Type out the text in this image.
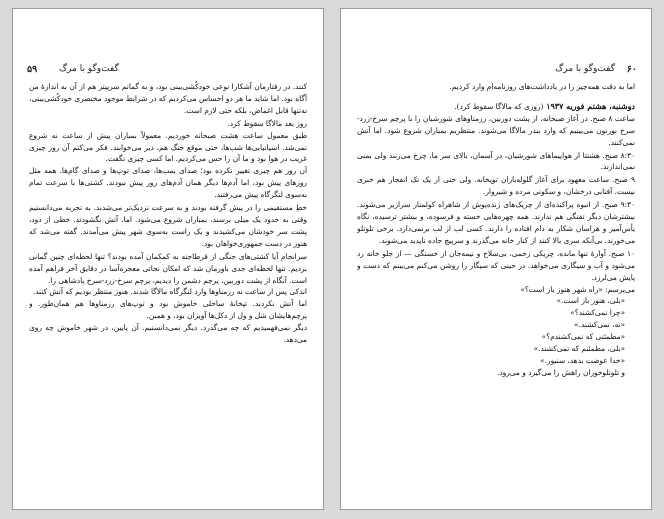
۵۹ گفت‌وگو با مرگ

کنند. در رفتارمان آشکارا نوعی خودکُشی‌بینی بود، و به گمانم سرپیتر هم از آن به اندازهٔ من آگاه بود. اما شاید ما هر دو احساس می‌کردیم که در شرایط موجود مختصری خودکُشی‌بینی، نه‌تنها قابل اغماض، بلکه حتی لازم است.

روز بعد مالاگا سقوط کرد.

طبق معمول ساعت هشت صبحانه خوردیم. معمولاً بمباران پیش از ساعت نه شروع نمی‌شد. اسپانیایی‌ها شب‌ها، حتی موقع جنگ هم، دیر می‌خوابند. فکر می‌کنم آن روز چیزی غریب در هوا بود و ما آن را حس می‌کردیم. اما کسی چیزی نگفت.

آن روز هم چیزی تغییر نکرده بود؛ صدای بمب‌ها، صدای توپ‌ها و صدای گام‌ها. همه مثل روزهای پیش بود، اما آدم‌ها دیگر همان آدم‌های روز پیش نبودند. کشتی‌ها با سرعت تمام به‌سوی لنگرگاه پیش می‌رفتند.

خطِ مستقیمی را در پیش گرفته بودند و به سرعت نزدیک‌تر می‌شدند. به تجربه می‌دانستیم وقتی به حدود یک میلی برسند، بمباران شروع می‌شود. اما، آتش نگشودند. خطی از دود، پشت سر خودشان می‌کشیدند و یک راست به‌سوی شهر پیش می‌آمدند. گفته می‌شد که هنوز در دست جمهوری‌خواهان بود.

سرانجام آیا کشتی‌های جنگی از قرطاجنه به کمکمان آمده بودند؟ تنها لحظه‌ای چنین گمانی بردیم. تنها لحظه‌ای جدی باورمان شد که امکان نجاتی معجزه‌آسا در دقایق آخر فراهم آمده است. آنگاه از پشت دوربین، پرچم دشمن را دیدیم، پرچم سرخ-زرد-سرخ پادشاهی را.

اندکی پس از ساعت نه رزمناوها وارد لنگرگاه مالاگا شدند. هنوز منتظر بودیم که آتش کنند.

اما آتش نکردند. تپخانهٔ ساحلی خاموش بود و توپ‌های رزمناوها هم همان‌طور. و پرچم‌هایشان شل و ول از دکل‌ها آویزان بود، و همین.

دیگر نمی‌فهمیدیم که چه می‌گذرد. دیگر نمی‌دانستیم. آن پایین، در شهر خاموش چه روی می‌دهد.

۶۰
گفت‌وگو با مرگ

اما به دقت همه‌چیز را در یادداشت‌های روزنامه‌ام وارد کردیم.

دوشنبه، هشتم فوریه ۱۹۳۷ (روزی که مالاگا سقوط کرد).

ساعت ۸ صبح. در آغاز صبحانه، از پشت دوربین، رزمناوهای شورشیان را با پرچم سرخ-زرد-سرخ بورنون می‌بینیم که وارد بندر مالاگا می‌شوند. منتظریم بمباران شروع شود. اما آتش نمی‌کنند.

۸:۳۰ صبح. هشتتا از هواپیماهای شورشیان، در آسمان، بالای سر ما، چرخ می‌زنند ولی بمبی نمی‌اندازند.

۹ صبح. ساعت معهود برای آغاز گلوله‌باران توپخانه. ولی حتی از یک تک انفجار هم خبری نیست. آفتابی درخشان، و سکوتی مرده و شیروار.

۹:۳۰ صبح. از انبوه پراکنده‌ای از چریک‌های ژنده‌پوش از شاهراه کولمنار سرازیر می‌شوند. بیشترشان دیگر تفنگی هم ندارند. همه چهره‌هایی خسته و فرسوده، و بیشتر ترسیده، نگاه یأس‌آمیز و هراسان شکار به دام افتاده را دارند. کسی لب از لب برنمی‌دارد. برخی تلوتلو می‌خورند. بی‌آنکه سری بالا کنند از کنار خانه می‌گذرند و سرپیچ جاده ناپدید می‌شوند.

۱۰ صبح. آوارهٔ تنها مانده، چریکی زخمی، بی‌سلاح و نیمه‌جان از خستگی — از جلو خانه رد می‌شود و آب و سیگاری می‌خواهد. در حینی که سیگار را روشن می‌کنم می‌بینم که دست و پایش می‌لرزد.

می‌پرسم: «راه شهر هنوز باز است؟»

«بلی، هنوز باز است.»

«چرا نمی‌کشند؟»

«نه، نمی‌کشند.»

«مطمئنی که نمی‌کشندم؟»

«بلی، مطمئنم که نمی‌کشند.»

«خدا عوضت بدهد، سنیور.»

و تلوتلوخوران راهش را می‌گیرد و می‌رود.
